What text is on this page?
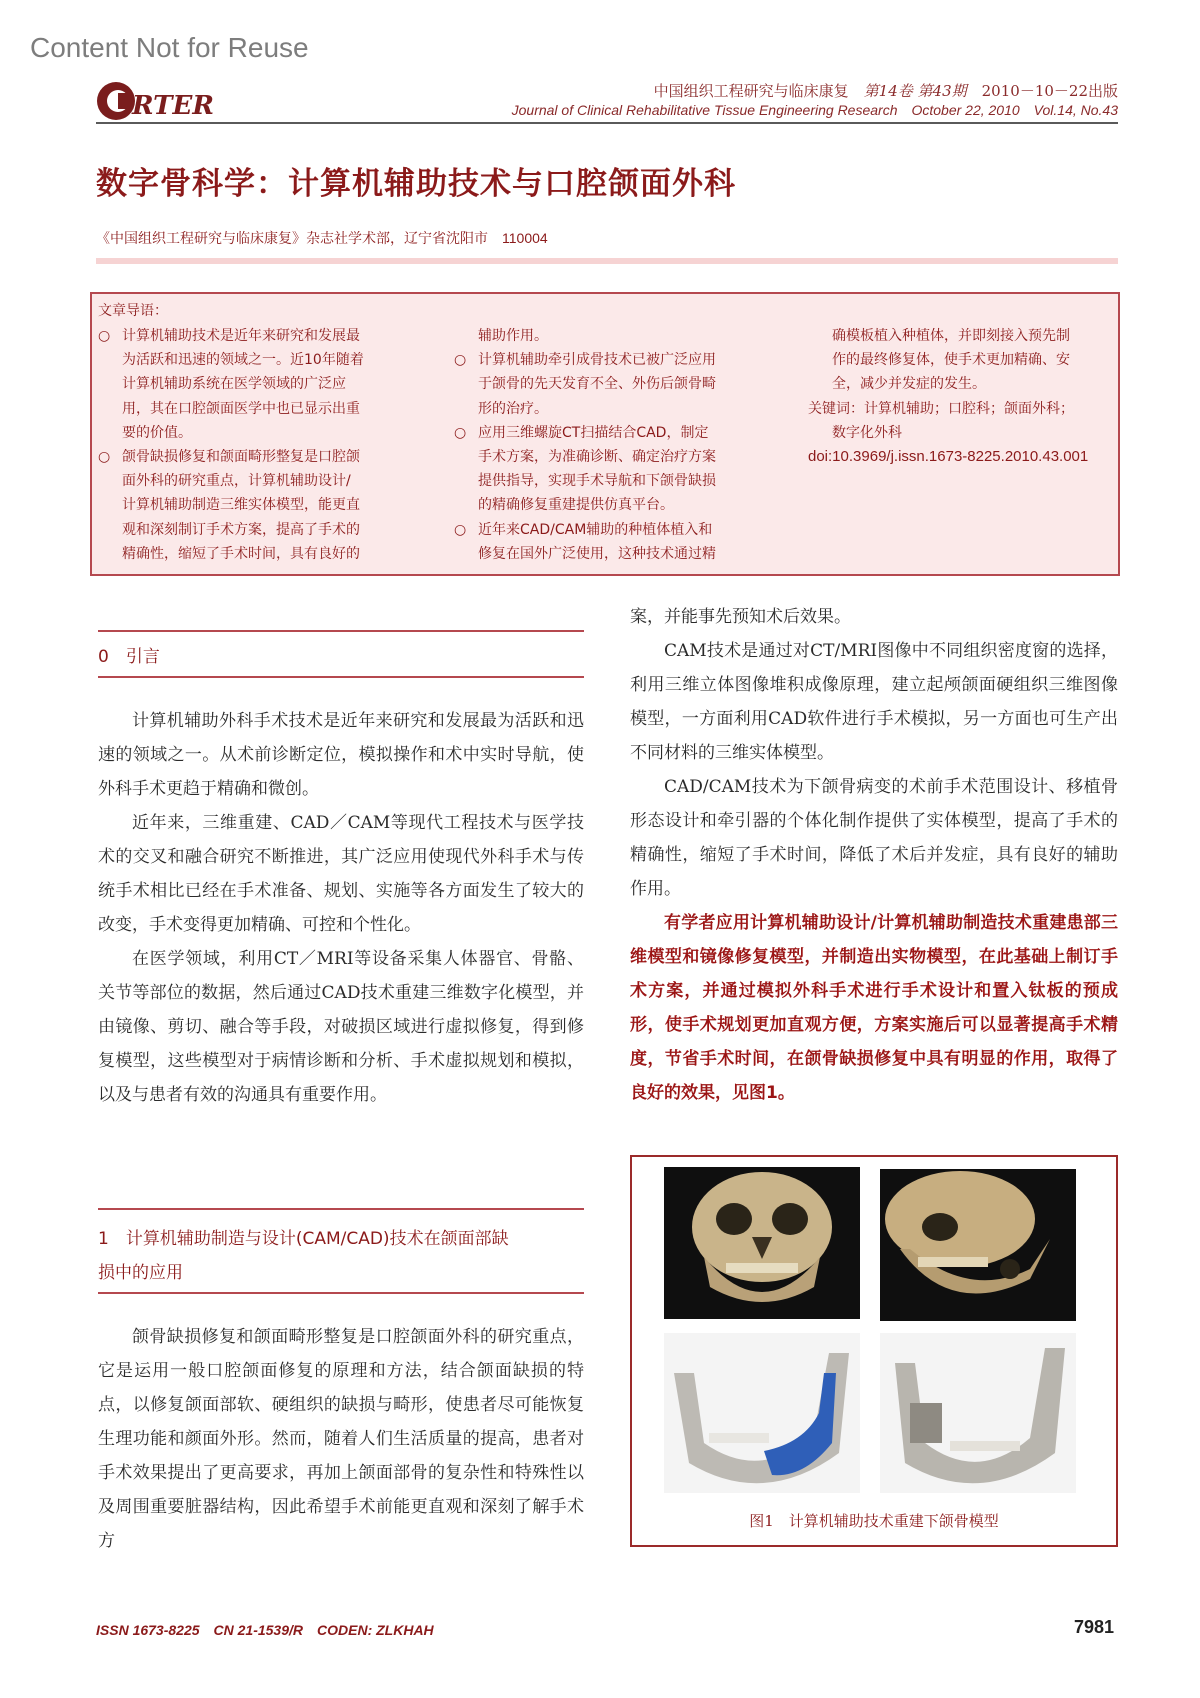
Content Not for Reuse
RTER	中国组织工程研究与临床康复　 第14卷 第43期　 2010－10－22出版
Journal of Clinical Rehabilitative Tissue Engineering Research　 October 22, 2010　 Vol.14, No.43
数字骨科学：计算机辅助技术与口腔颌面外科
《中国组织工程研究与临床康复》杂志社学术部，辽宁省沈阳市　 110004
文章导语：
○ 计算机辅助技术是近年来研究和发展最
为活跃和迅速的领域之一。近10年随着
计算机辅助系统在医学领域的广泛应
用，其在口腔颌面医学中也已显示出重
要的价值。
○ 颌骨缺损修复和颌面畸形整复是口腔颌
面外科的研究重点，计算机辅助设计/
计算机辅助制造三维实体模型，能更直
观和深刻制订手术方案，提高了手术的
精确性，缩短了手术时间，具有良好的
辅助作用。
○ 计算机辅助牵引成骨技术已被广泛应用
于颌骨的先天发育不全、外伤后颌骨畸
形的治疗。
○ 应用三维螺旋CT扫描结合CAD，制定
手术方案，为准确诊断、确定治疗方案
提供指导，实现手术导航和下颌骨缺损
的精确修复重建提供仿真平台。
○ 近年来CAD/CAM辅助的种植体植入和
修复在国外广泛使用，这种技术通过精
确模板植入种植体，并即刻接入预先制
作的最终修复体，使手术更加精确、安
全，减少并发症的发生。
关键词：计算机辅助；口腔科；颌面外科；
数字化外科
doi:10.3969/j.issn.1673-8225.2010.43.001
0　引言

计算机辅助外科手术技术是近年来研究和发展最为活跃和迅速的领域之一。从术前诊断定位，模拟操作和术中实时导航，使外科手术更趋于精确和微创。

近年来，三维重建、CAD／CAM等现代工程技术与医学技术的交叉和融合研究不断推进，其广泛应用使现代外科手术与传统手术相比已经在手术准备、规划、实施等各方面发生了较大的改变，手术变得更加精确、可控和个性化。

在医学领域，利用CT／MRI等设备采集人体器官、骨骼、关节等部位的数据，然后通过CAD技术重建三维数字化模型，并由镜像、剪切、融合等手段，对破损区域进行虚拟修复，得到修复模型，这些模型对于病情诊断和分析、手术虚拟规划和模拟，以及与患者有效的沟通具有重要作用。

1　计算机辅助制造与设计(CAM/CAD)技术在颌面部缺
损中的应用

颌骨缺损修复和颌面畸形整复是口腔颌面外科的研究重点，它是运用一般口腔颌面修复的原理和方法，结合颌面缺损的特点，以修复颌面部软、硬组织的缺损与畸形，使患者尽可能恢复生理功能和颜面外形。然而，随着人们生活质量的提高，患者对手术效果提出了更高要求，再加上颌面部骨的复杂性和特殊性以及周围重要脏器结构，因此希望手术前能更直观和深刻了解手术方

案，并能事先预知术后效果。

CAM技术是通过对CT/MRI图像中不同组织密度窗的选择，利用三维立体图像堆积成像原理，建立起颅颌面硬组织三维图像模型，一方面利用CAD软件进行手术模拟，另一方面也可生产出不同材料的三维实体模型。

CAD/CAM技术为下颌骨病变的术前手术范围设计、移植骨形态设计和牵引器的个体化制作提供了实体模型，提高了手术的精确性，缩短了手术时间，降低了术后并发症，具有良好的辅助作用。

有学者应用计算机辅助设计/计算机辅助制造技术重建患部三维模型和镜像修复模型，并制造出实物模型，在此基础上制订手术方案，并通过模拟外科手术进行手术设计和置入钛板的预成形，使手术规划更加直观方便，方案实施后可以显著提高手术精度，节省手术时间，在颌骨缺损修复中具有明显的作用，取得了良好的效果，见图1。

图1　计算机辅助技术重建下颌骨模型
ISSN 1673-8225　CN 21-1539/R　CODEN: ZLKHAH	7981
